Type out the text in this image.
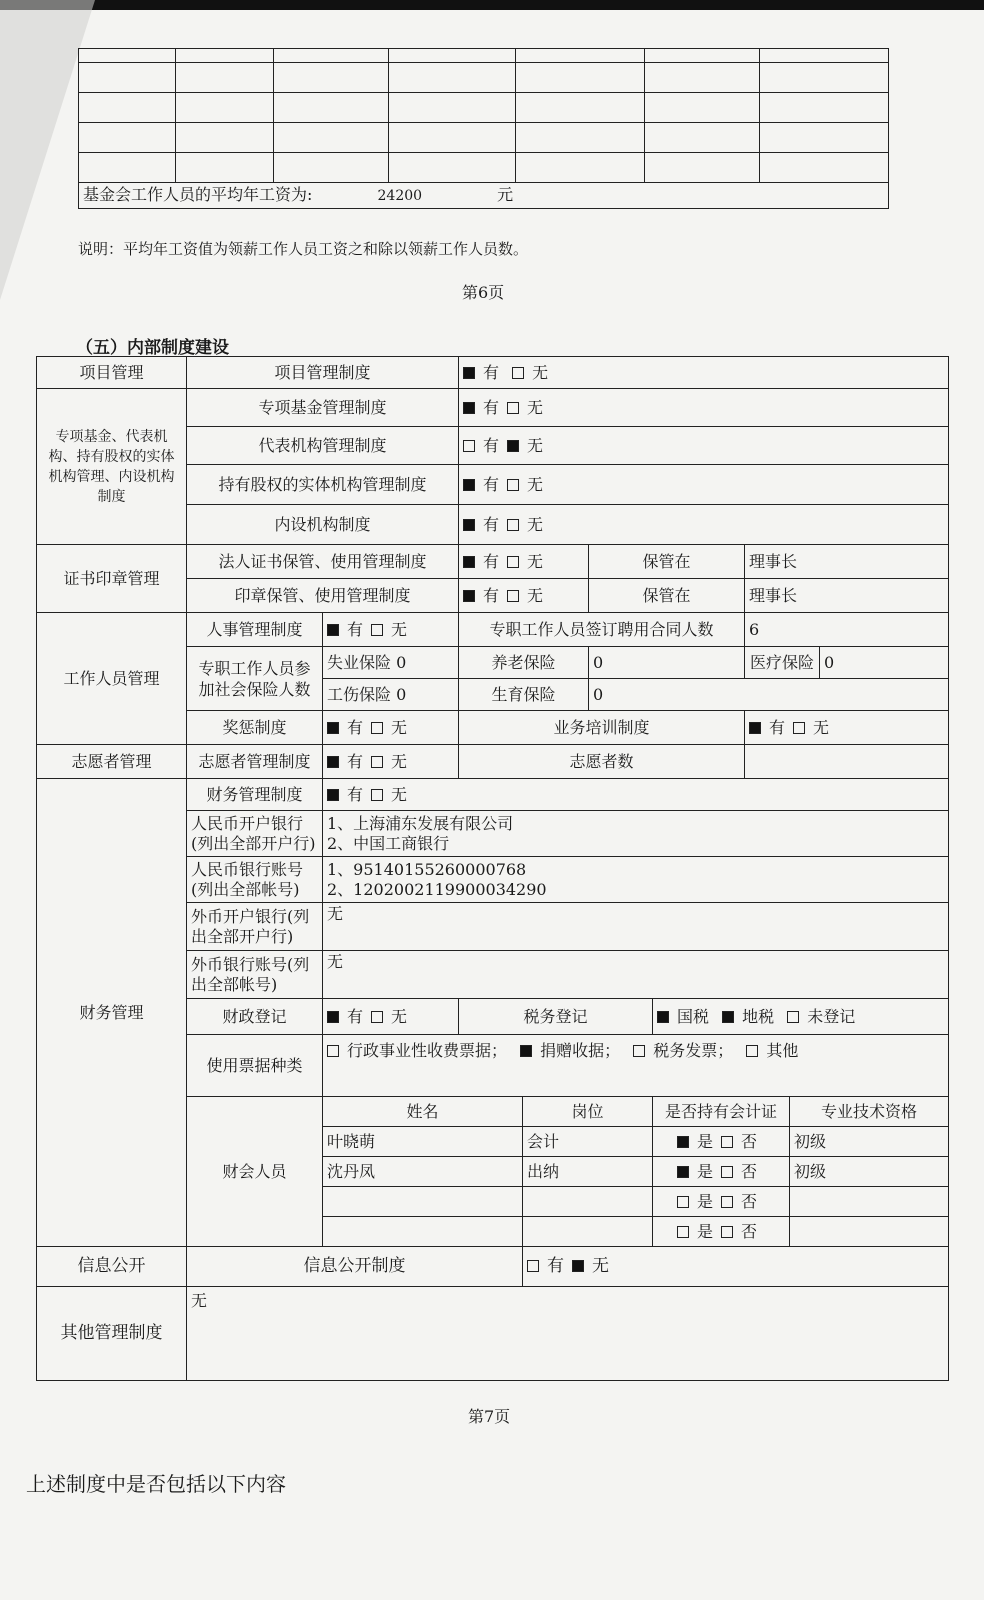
基金会工作人员的平均年工资为: 24200 元						
说明：平均年工资值为领薪工作人员工资之和除以领薪工作人员数。
第6页
（五）内部制度建设
项目管理	项目管理制度		有 无						
专项基金、代表机构、持有股权的实体机构管理、内设机构制度	专项基金管理制度		有 无						
	代表机构管理制度		有 无						
	持有股权的实体机构管理制度		有 无						
	内设机构制度		有 无						
证书印章管理	法人证书保管、使用管理制度		有 无		保管在		理事长		
	印章保管、使用管理制度		有 无		保管在		理事长		
工作人员管理	人事管理制度	有 无	专职工作人员签订聘用合同人数				6		
	专职工作人员参加社会保险人数	失业保险 0	养老保险		0		医疗保险		0
		工伤保险 0	生育保险		0				
	奖惩制度	有 无	业务培训制度				有 无		
志愿者管理	志愿者管理制度	有 无	志愿者数						
财务管理	财务管理制度	有 无							
	人民币开户银行(列出全部开户行)	1、上海浦东发展有限公司
2、中国工商银行							

	人民币银行账号(列出全部帐号)	1、95140155260000768
2、1202002119900034290							

	外币开户银行(列出全部开户行)	无							
	外币银行账号(列出全部帐号)	无							
	财政登记	有 无	税务登记			国税 地税 未登记			
	使用票据种类	行政事业性收费票据； 捐赠收据； 税务发票； 其他							
	财会人员	姓名		岗位		是否持有会计证		专业技术资格	
		叶晓萌		会计		是 否		初级	
		沈丹凤		出纳		是 否		初级	
						是 否			
						是 否			
信息公开	信息公开制度			有 无					
其他管理制度	无								
第7页
上述制度中是否包括以下内容
